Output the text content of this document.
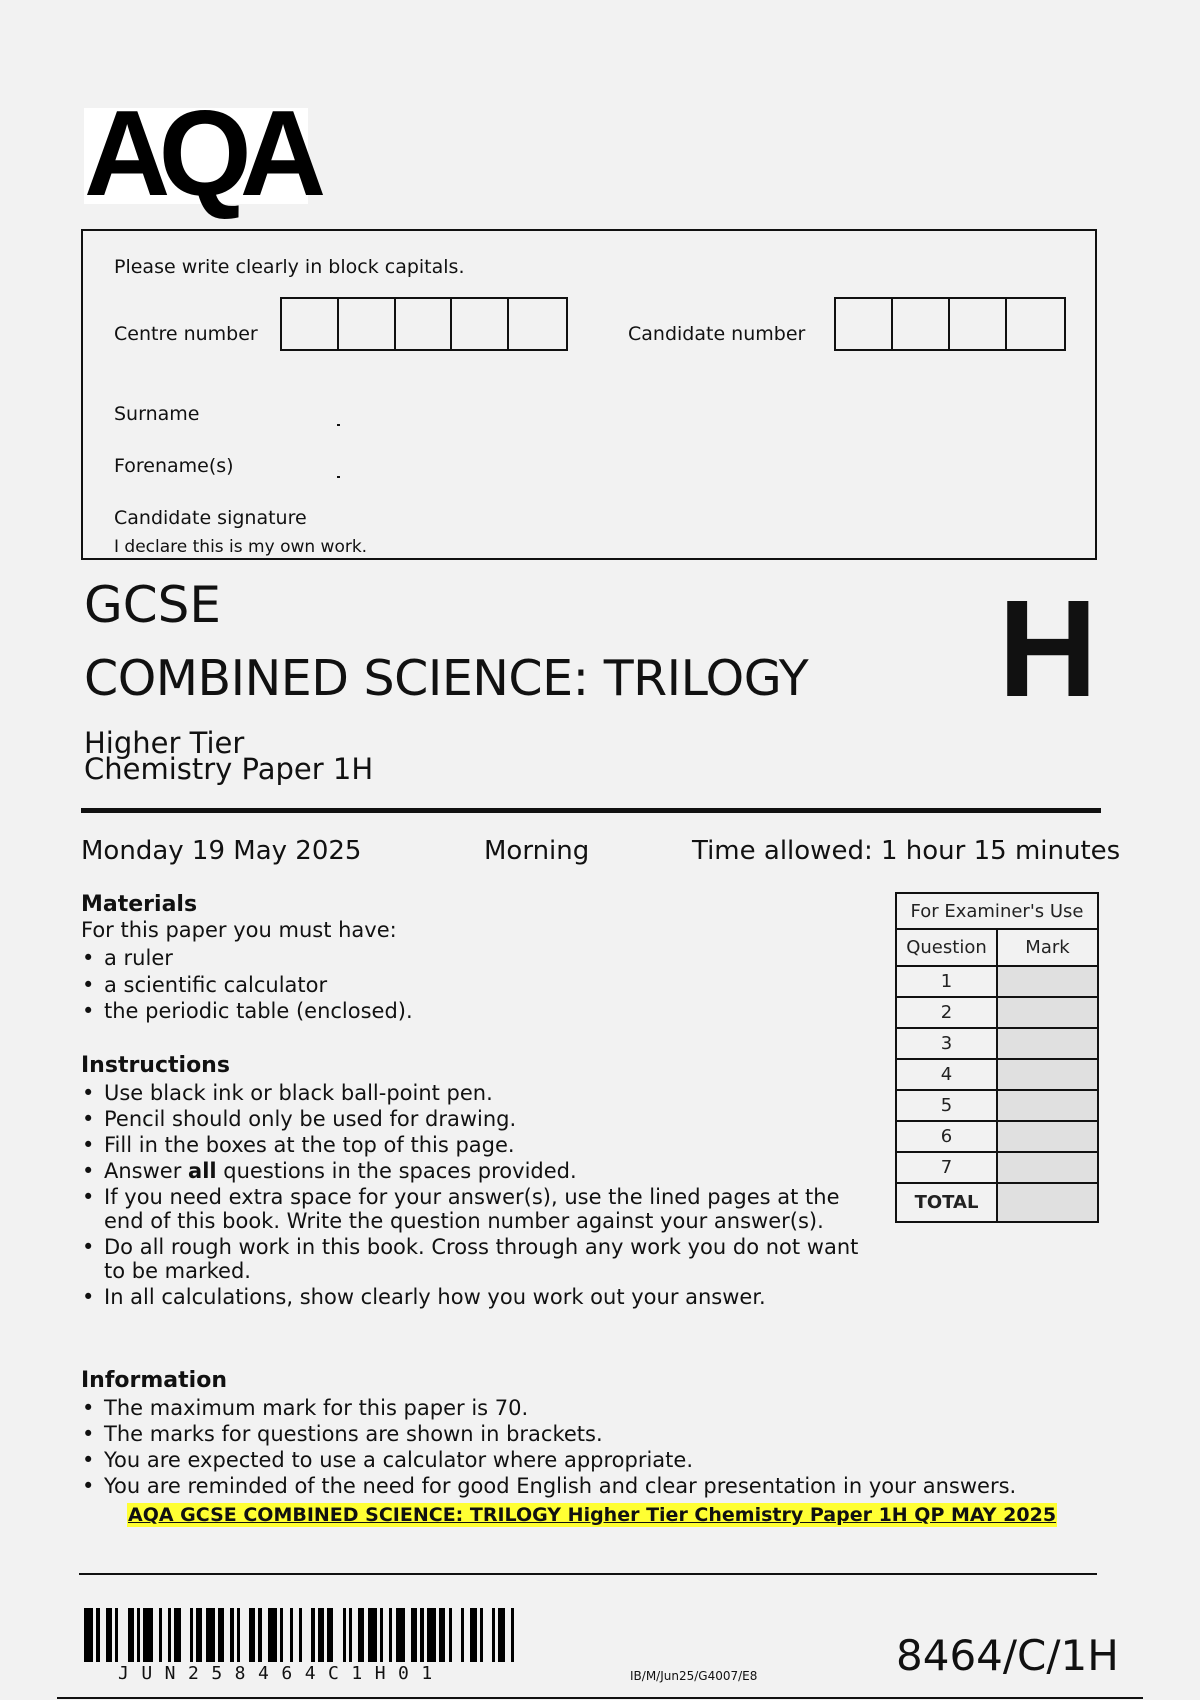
AQA
Please write clearly in block capitals.
Centre number	Candidate number
Surname
Forename(s)
Candidate signature
I declare this is my own work.
GCSE
COMBINED SCIENCE: TRILOGY
Higher Tier
Chemistry Paper 1H
H
Monday 19 May 2025	Morning	Time allowed: 1 hour 15 minutes
Materials
For this paper you must have:
• a ruler
• a scientific calculator
• the periodic table (enclosed).
Instructions
• Use black ink or black ball-point pen.
• Pencil should only be used for drawing.
• Fill in the boxes at the top of this page.
• Answer all questions in the spaces provided.
• If you need extra space for your answer(s), use the lined pages at the end of this book. Write the question number against your answer(s).
• Do all rough work in this book. Cross through any work you do not want to be marked.
• In all calculations, show clearly how you work out your answer.
Information
• The maximum mark for this paper is 70.
• The marks for questions are shown in brackets.
• You are expected to use a calculator where appropriate.
• You are reminded of the need for good English and clear presentation in your answers.
For Examiner's Use	
Question	Mark
1	
2	
3	
4	
5	
6	
7	
TOTAL	
AQA GCSE COMBINED SCIENCE: TRILOGY Higher Tier Chemistry Paper 1H QP MAY 2025
JUN258464C1H01	IB/M/Jun25/G4007/E8	8464/C/1H
